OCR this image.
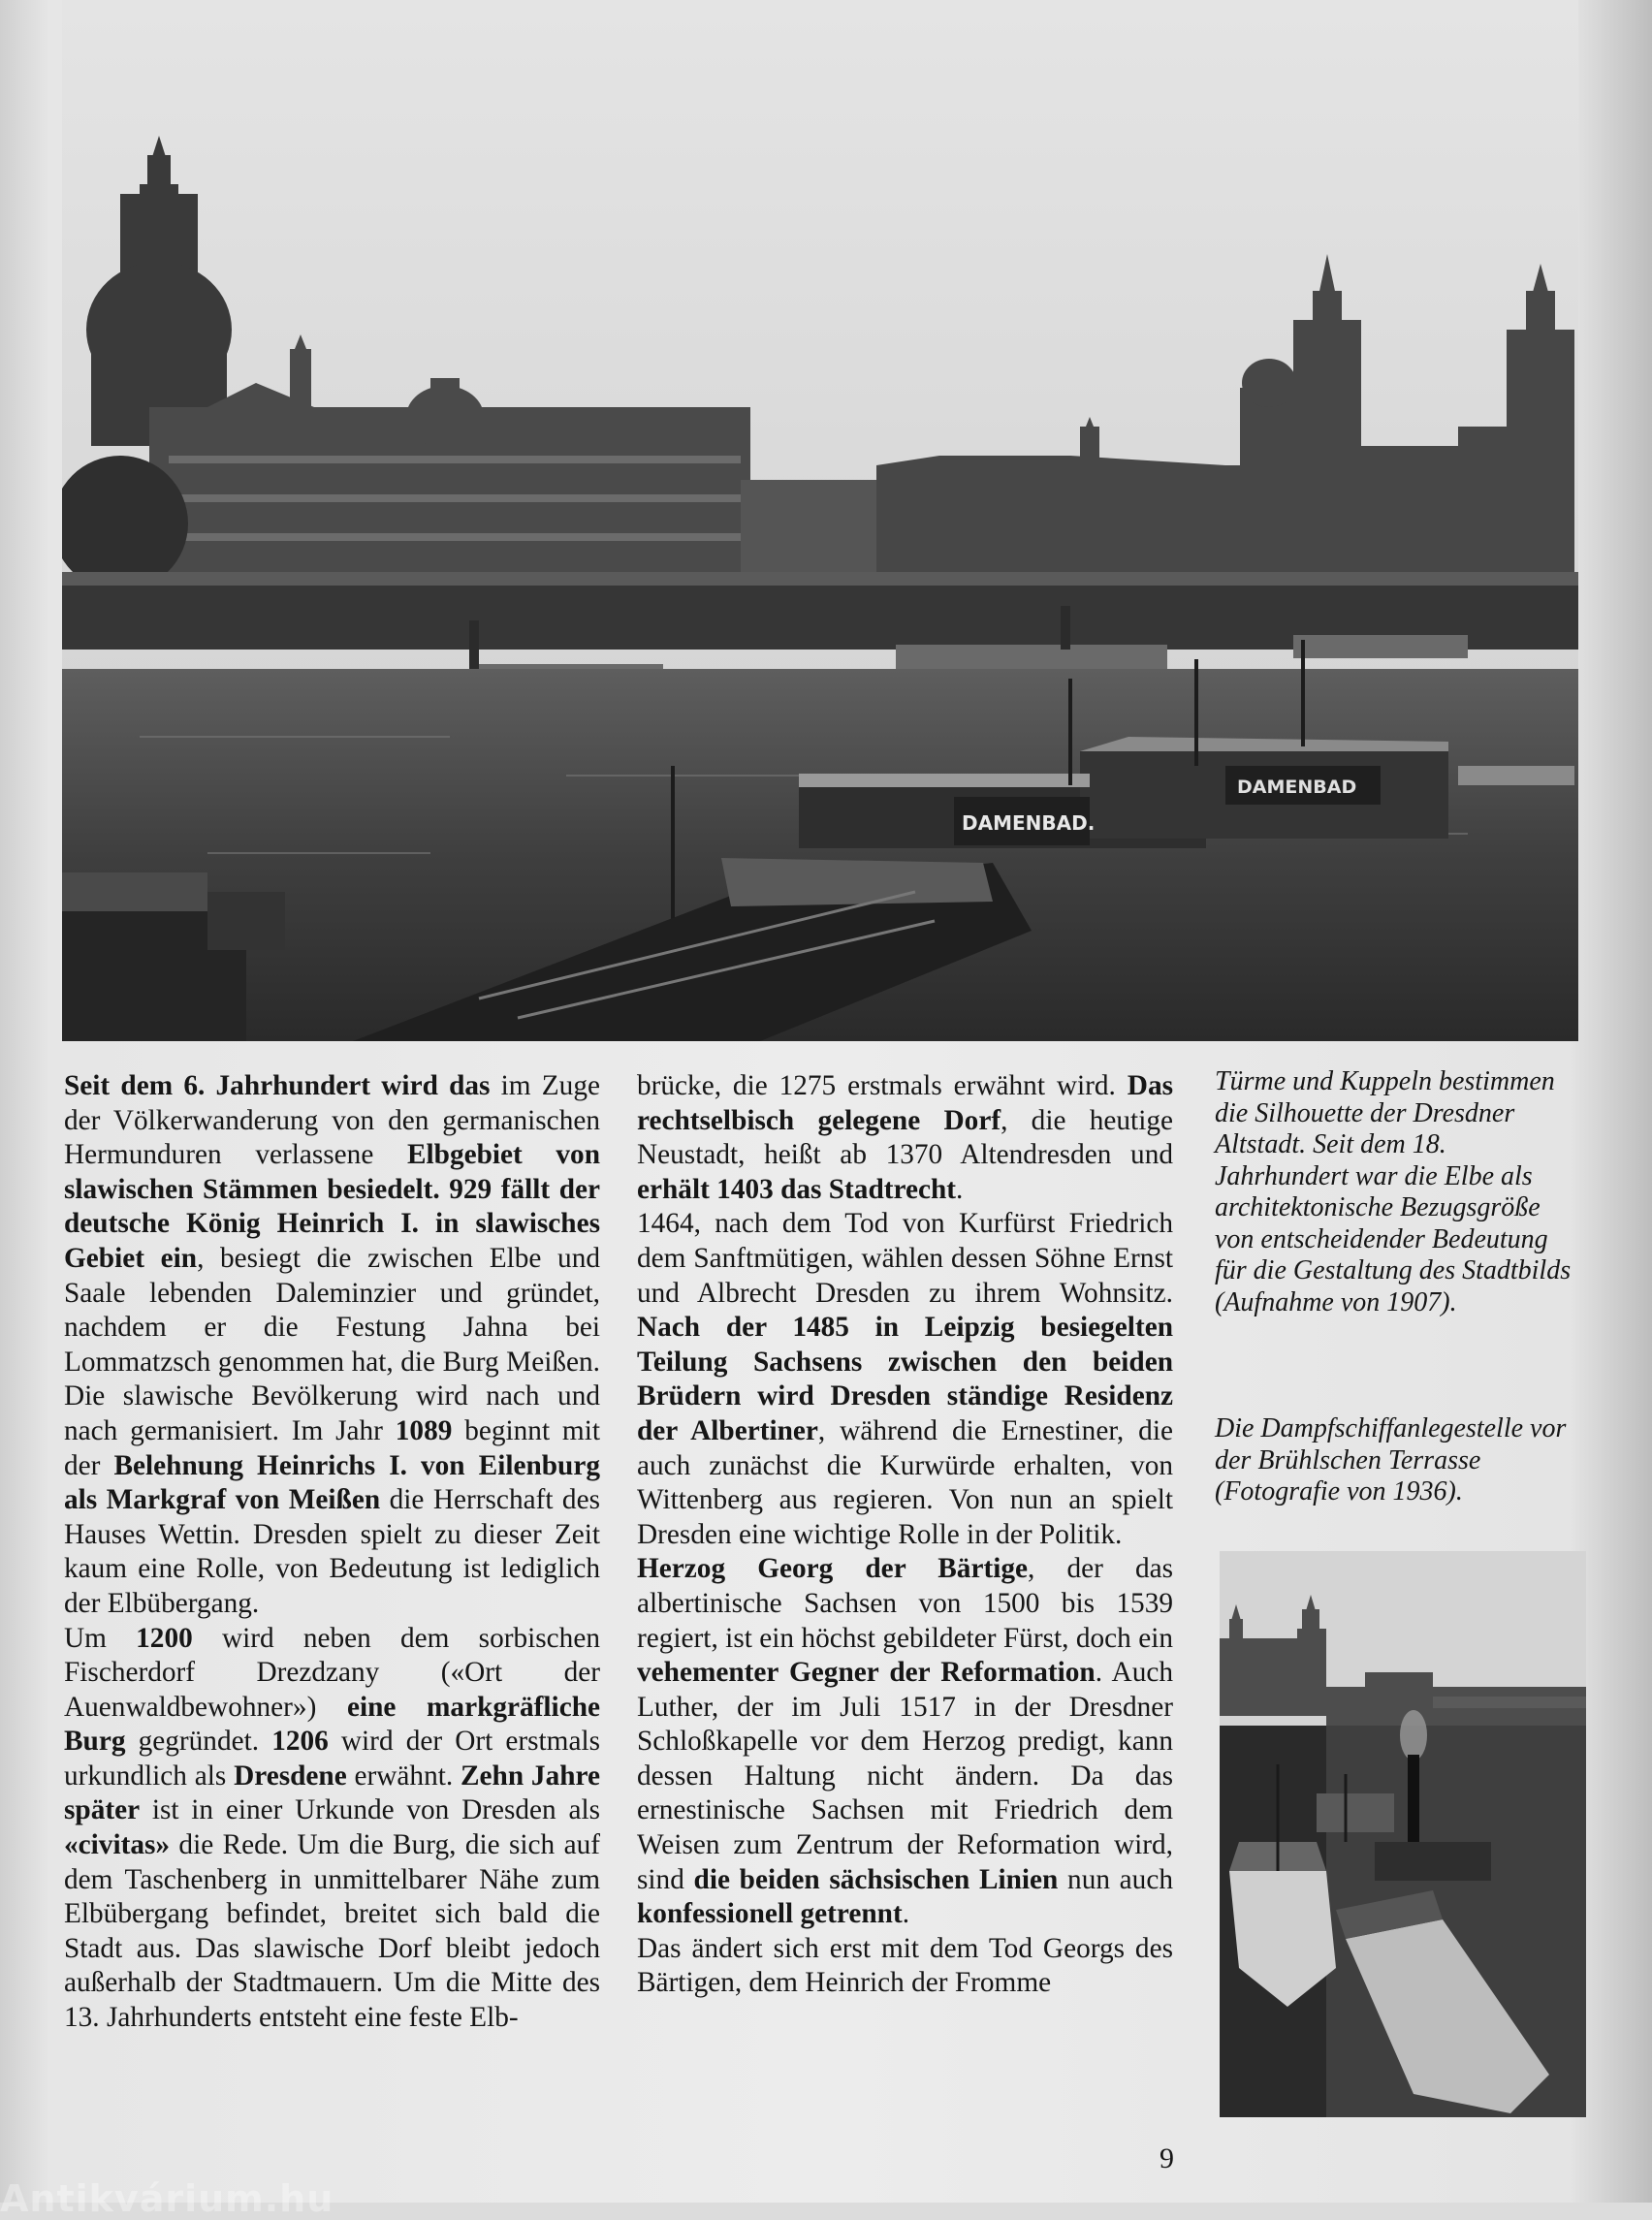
DAMENBAD.
DAMENBAD

Seit dem 6. Jahrhundert wird das im Zuge der Völkerwanderung von den germanischen Hermunduren verlassene Elbgebiet von slawischen Stämmen besiedelt. 929 fällt der deutsche König Heinrich I. in slawisches Gebiet ein, besiegt die zwischen Elbe und Saale lebenden Daleminzier und gründet, nachdem er die Festung Jahna bei Lommatzsch genommen hat, die Burg Meißen. Die slawische Bevölkerung wird nach und nach germanisiert. Im Jahr 1089 beginnt mit der Belehnung Heinrichs I. von Eilenburg als Markgraf von Meißen die Herrschaft des Hauses Wettin. Dresden spielt zu dieser Zeit kaum eine Rolle, von Bedeutung ist lediglich der Elbübergang.

Um 1200 wird neben dem sorbischen Fischerdorf Drezdzany («Ort der Auenwaldbewohner») eine markgräfliche Burg gegründet. 1206 wird der Ort erstmals urkundlich als Dresdene erwähnt. Zehn Jahre später ist in einer Urkunde von Dresden als «civitas» die Rede. Um die Burg, die sich auf dem Taschenberg in unmittelbarer Nähe zum Elbübergang befindet, breitet sich bald die Stadt aus. Das slawische Dorf bleibt jedoch außerhalb der Stadtmauern. Um die Mitte des 13. Jahrhunderts entsteht eine feste Elb-

brücke, die 1275 erstmals erwähnt wird. Das rechtselbisch gelegene Dorf, die heutige Neustadt, heißt ab 1370 Altendresden und erhält 1403 das Stadtrecht.

1464, nach dem Tod von Kurfürst Friedrich dem Sanftmütigen, wählen dessen Söhne Ernst und Albrecht Dresden zu ihrem Wohnsitz. Nach der 1485 in Leipzig besiegelten Teilung Sachsens zwischen den beiden Brüdern wird Dresden ständige Residenz der Albertiner, während die Ernestiner, die auch zunächst die Kurwürde erhalten, von Wittenberg aus regieren. Von nun an spielt Dresden eine wichtige Rolle in der Politik.

Herzog Georg der Bärtige, der das albertinische Sachsen von 1500 bis 1539 regiert, ist ein höchst gebildeter Fürst, doch ein vehementer Gegner der Reformation. Auch Luther, der im Juli 1517 in der Dresdner Schloßkapelle vor dem Herzog predigt, kann dessen Haltung nicht ändern. Da das ernestinische Sachsen mit Friedrich dem Weisen zum Zentrum der Reformation wird, sind die beiden sächsischen Linien nun auch konfessionell getrennt.

Das ändert sich erst mit dem Tod Georgs des Bärtigen, dem Heinrich der Fromme

Türme und Kuppeln bestimmen die Silhouette der Dresdner Altstadt. Seit dem 18. Jahrhundert war die Elbe als architektonische Bezugsgröße von entscheidender Bedeutung für die Gestaltung des Stadtbilds (Aufnahme von 1907).
Die Dampfschiffanlegestelle vor der Brühlschen Terrasse (Fotografie von 1936).
9
Antikvárium.hu
